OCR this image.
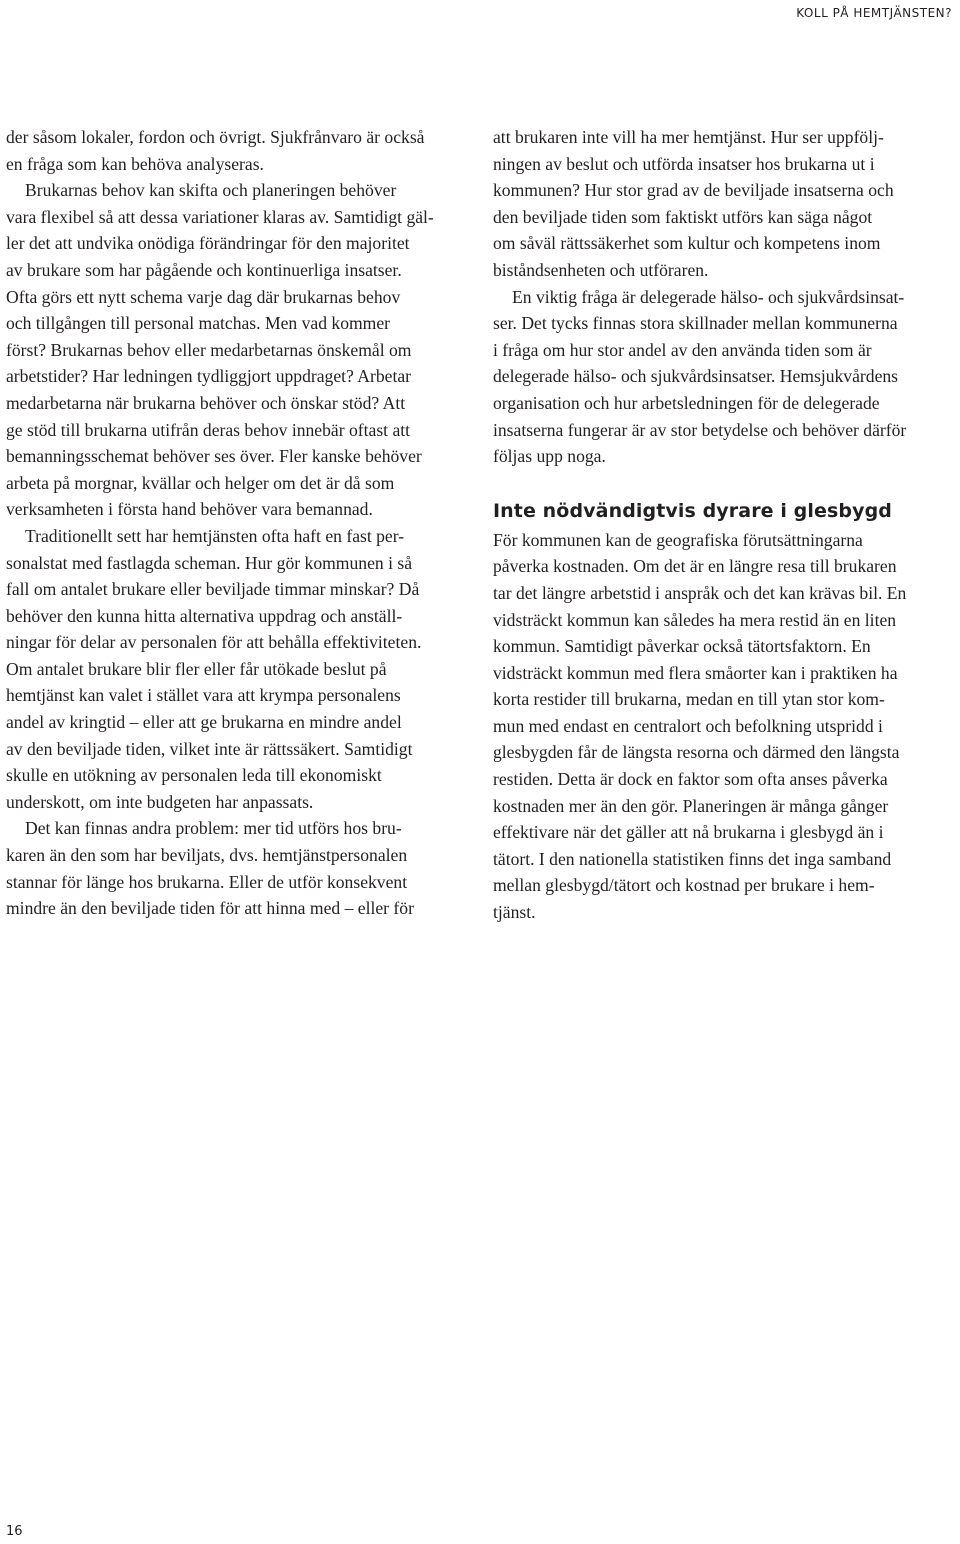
KOLL PÅ HEMTJÄNSTEN?

der såsom lokaler, fordon och övrigt. Sjukfrånvaro är också
en fråga som kan behöva analyseras.

Brukarnas behov kan skifta och planeringen behöver
vara flexibel så att dessa variationer klaras av. Samtidigt gäl-
ler det att undvika onödiga förändringar för den majoritet
av brukare som har pågående och kontinuerliga insatser.
Ofta görs ett nytt schema varje dag där brukarnas behov
och tillgången till personal matchas. Men vad kommer
först? Brukarnas behov eller medarbetarnas önskemål om
arbetstider? Har ledningen tydliggjort uppdraget? Arbetar
medarbetarna när brukarna behöver och önskar stöd? Att
ge stöd till brukarna utifrån deras behov innebär oftast att
bemanningsschemat behöver ses över. Fler kanske behöver
arbeta på morgnar, kvällar och helger om det är då som
verksamheten i första hand behöver vara bemannad.

Traditionellt sett har hemtjänsten ofta haft en fast per-
sonalstat med fastlagda scheman. Hur gör kommunen i så
fall om antalet brukare eller beviljade timmar minskar? Då
behöver den kunna hitta alternativa uppdrag och anställ-
ningar för delar av personalen för att behålla effektiviteten.
Om antalet brukare blir fler eller får utökade beslut på
hemtjänst kan valet i stället vara att krympa personalens
andel av kringtid – eller att ge brukarna en mindre andel
av den beviljade tiden, vilket inte är rättssäkert. Samtidigt
skulle en utökning av personalen leda till ekonomiskt
underskott, om inte budgeten har anpassats.

Det kan finnas andra problem: mer tid utförs hos bru-
karen än den som har beviljats, dvs. hemtjänstpersonalen
stannar för länge hos brukarna. Eller de utför konsekvent
mindre än den beviljade tiden för att hinna med – eller för

att brukaren inte vill ha mer hemtjänst. Hur ser uppfölj-
ningen av beslut och utförda insatser hos brukarna ut i
kommunen? Hur stor grad av de beviljade insatserna och
den beviljade tiden som faktiskt utförs kan säga något
om såväl rättssäkerhet som kultur och kompetens inom
biståndsenheten och utföraren.

En viktig fråga är delegerade hälso- och sjukvårdsinsat-
ser. Det tycks finnas stora skillnader mellan kommunerna
i fråga om hur stor andel av den använda tiden som är
delegerade hälso- och sjukvårdsinsatser. Hemsjukvårdens
organisation och hur arbetsledningen för de delegerade
insatserna fungerar är av stor betydelse och behöver därför
följas upp noga.

Inte nödvändigtvis dyrare i glesbygd

För kommunen kan de geografiska förutsättningarna
påverka kostnaden. Om det är en längre resa till brukaren
tar det längre arbetstid i anspråk och det kan krävas bil. En
vidsträckt kommun kan således ha mera restid än en liten
kommun. Samtidigt påverkar också tätortsfaktorn. En
vidsträckt kommun med flera småorter kan i praktiken ha
korta restider till brukarna, medan en till ytan stor kom-
mun med endast en centralort och befolkning utspridd i
glesbygden får de längsta resorna och därmed den längsta
restiden. Detta är dock en faktor som ofta anses påverka
kostnaden mer än den gör. Planeringen är många gånger
effektivare när det gäller att nå brukarna i glesbygd än i
tätort. I den nationella statistiken finns det inga samband
mellan glesbygd/tätort och kostnad per brukare i hem-
tjänst.

16
